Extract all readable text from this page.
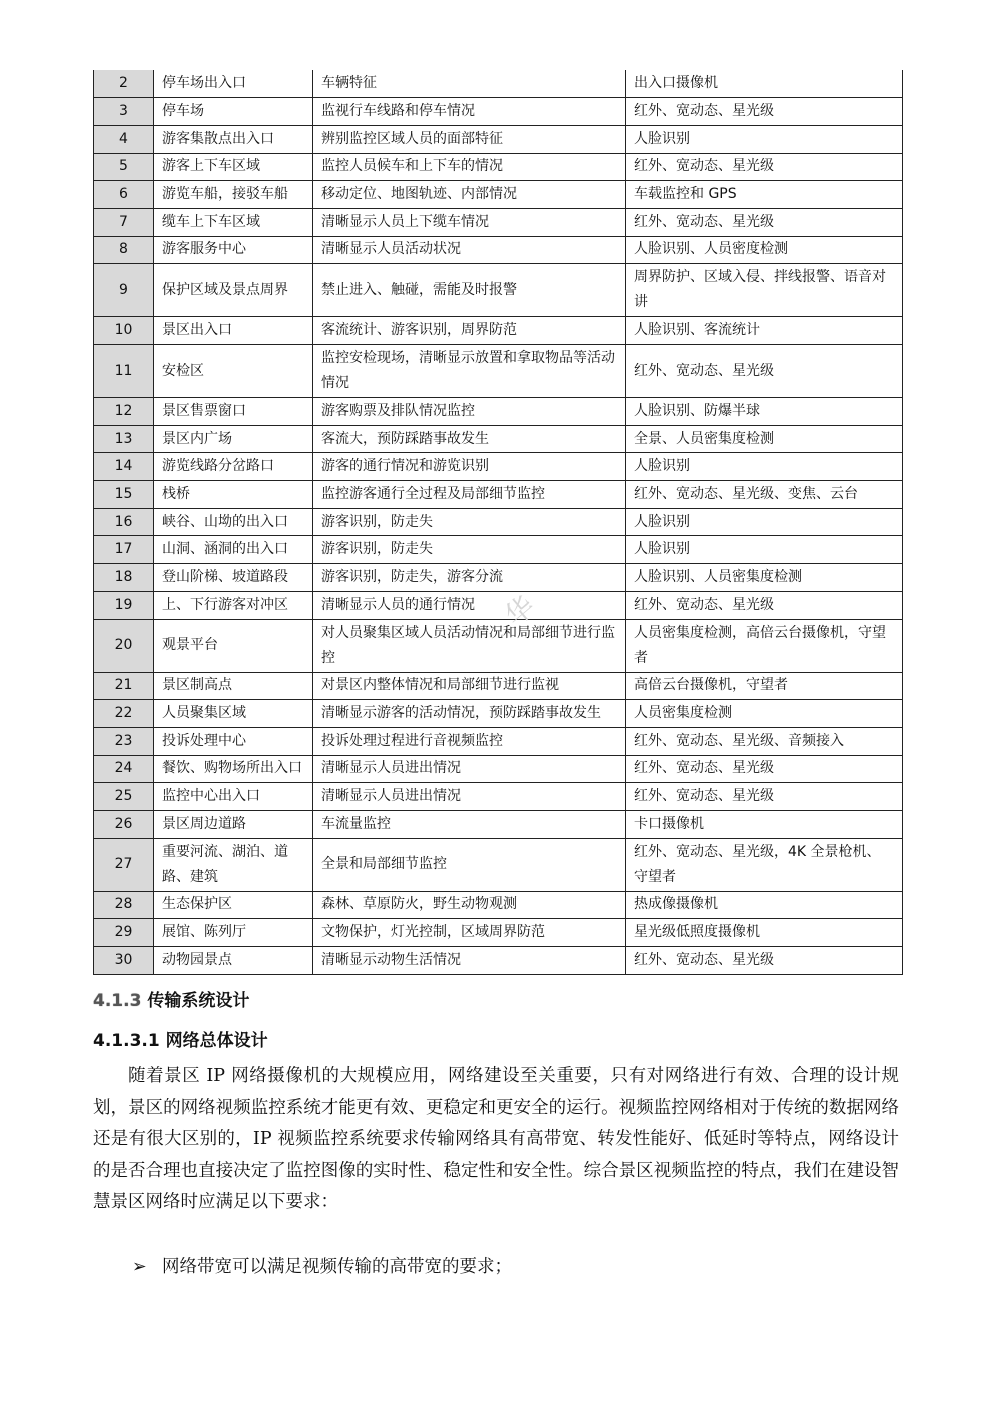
2	停车场出入口	车辆特征	出入口摄像机
3	停车场	监视行车线路和停车情况	红外、宽动态、星光级
4	游客集散点出入口	辨别监控区域人员的面部特征	人脸识别
5	游客上下车区域	监控人员候车和上下车的情况	红外、宽动态、星光级
6	游览车船，接驳车船	移动定位、地图轨迹、内部情况	车载监控和 GPS
7	缆车上下车区域	清晰显示人员上下缆车情况	红外、宽动态、星光级
8	游客服务中心	清晰显示人员活动状况	人脸识别、人员密度检测
9	保护区域及景点周界	禁止进入、触碰，需能及时报警	周界防护、区域入侵、拌线报警、语音对讲
10	景区出入口	客流统计、游客识别，周界防范	人脸识别、客流统计
11	安检区	监控安检现场，清晰显示放置和拿取物品等活动情况	红外、宽动态、星光级
12	景区售票窗口	游客购票及排队情况监控	人脸识别、防爆半球
13	景区内广场	客流大，预防踩踏事故发生	全景、人员密集度检测
14	游览线路分岔路口	游客的通行情况和游览识别	人脸识别
15	栈桥	监控游客通行全过程及局部细节监控	红外、宽动态、星光级、变焦、云台
16	峡谷、山坳的出入口	游客识别，防走失	人脸识别
17	山洞、涵洞的出入口	游客识别，防走失	人脸识别
18	登山阶梯、坡道路段	游客识别，防走失，游客分流	人脸识别、人员密集度检测
19	上、下行游客对冲区	清晰显示人员的通行情况	红外、宽动态、星光级
20	观景平台	对人员聚集区域人员活动情况和局部细节进行监控	人员密集度检测，高倍云台摄像机，守望者
21	景区制高点	对景区内整体情况和局部细节进行监视	高倍云台摄像机，守望者
22	人员聚集区域	清晰显示游客的活动情况，预防踩踏事故发生	人员密集度检测
23	投诉处理中心	投诉处理过程进行音视频监控	红外、宽动态、星光级、音频接入
24	餐饮、购物场所出入口	清晰显示人员进出情况	红外、宽动态、星光级
25	监控中心出入口	清晰显示人员进出情况	红外、宽动态、星光级
26	景区周边道路	车流量监控	卡口摄像机
27	重要河流、湖泊、道路、建筑	全景和局部细节监控	红外、宽动态、星光级，4K 全景枪机、守望者
28	生态保护区	森林、草原防火，野生动物观测	热成像摄像机
29	展馆、陈列厅	文物保护，灯光控制，区域周界防范	星光级低照度摄像机
30	动物园景点	清晰显示动物生活情况	红外、宽动态、星光级
华
4.1.3 传输系统设计
4.1.3.1 网络总体设计

随着景区 IP 网络摄像机的大规模应用，网络建设至关重要，只有对网络进行有效、合理的设计规划，景区的网络视频监控系统才能更有效、更稳定和更安全的运行。视频监控网络相对于传统的数据网络还是有很大区别的，IP 视频监控系统要求传输网络具有高带宽、转发性能好、低延时等特点，网络设计的是否合理也直接决定了监控图像的实时性、稳定性和安全性。综合景区视频监控的特点，我们在建设智慧景区网络时应满足以下要求：

➢ 网络带宽可以满足视频传输的高带宽的要求；
